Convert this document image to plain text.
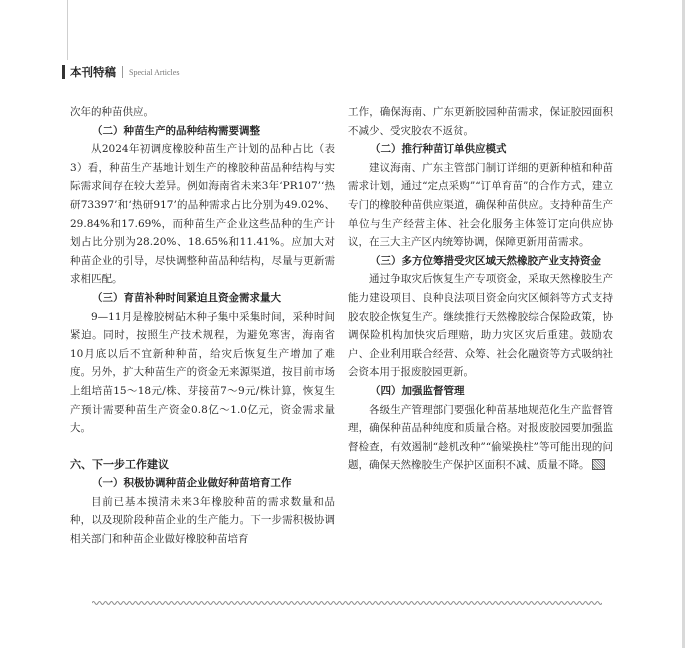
本刊特稿 Special Articles

次年的种苗供应。

（二）种苗生产的品种结构需要调整

从2024年初调度橡胶种苗生产计划的品种占比（表3）看，种苗生产基地计划生产的橡胶种苗品种结构与实际需求间存在较大差异。例如海南省未来3年‘PR107’‘热研73397’和‘热研917’的品种需求占比分别为49.02%、29.84%和17.69%，而种苗生产企业这些品种的生产计划占比分别为28.20%、18.65%和11.41%。应加大对种苗企业的引导，尽快调整种苗品种结构，尽量与更新需求相匹配。

（三）育苗补种时间紧迫且资金需求量大

9—11月是橡胶树砧木种子集中采集时间，采种时间紧迫。同时，按照生产技术规程，为避免寒害，海南省10月底以后不宜新种种苗，给灾后恢复生产增加了难度。另外，扩大种苗生产的资金无来源渠道，按目前市场上组培苗15～18元/株、芽接苗7～9元/株计算，恢复生产预计需要种苗生产资金0.8亿～1.0亿元，资金需求量大。

六、下一步工作建议

（一）积极协调种苗企业做好种苗培育工作

目前已基本摸清未来3年橡胶种苗的需求数量和品种，以及现阶段种苗企业的生产能力。下一步需积极协调相关部门和种苗企业做好橡胶种苗培育

工作，确保海南、广东更新胶园种苗需求，保证胶园面积不减少、受灾胶农不返贫。

（二）推行种苗订单供应模式

建议海南、广东主管部门制订详细的更新种植和种苗需求计划，通过“定点采购”“订单育苗”的合作方式，建立专门的橡胶种苗供应渠道，确保种苗供应。支持种苗生产单位与生产经营主体、社会化服务主体签订定向供应协议，在三大主产区内统筹协调，保障更新用苗需求。

（三）多方位筹措受灾区域天然橡胶产业支持资金

通过争取灾后恢复生产专项资金，采取天然橡胶生产能力建设项目、良种良法项目资金向灾区倾斜等方式支持胶农胶企恢复生产。继续推行天然橡胶综合保险政策，协调保险机构加快灾后理赔，助力灾区灾后重建。鼓励农户、企业利用联合经营、众筹、社会化融资等方式吸纳社会资本用于报废胶园更新。

（四）加强监督管理

各级生产管理部门要强化种苗基地规范化生产监督管理，确保种苗品种纯度和质量合格。对报废胶园要加强监督检查，有效遏制“趁机改种”“偷梁换柱”等可能出现的问题，确保天然橡胶生产保护区面积不减、质量不降。
